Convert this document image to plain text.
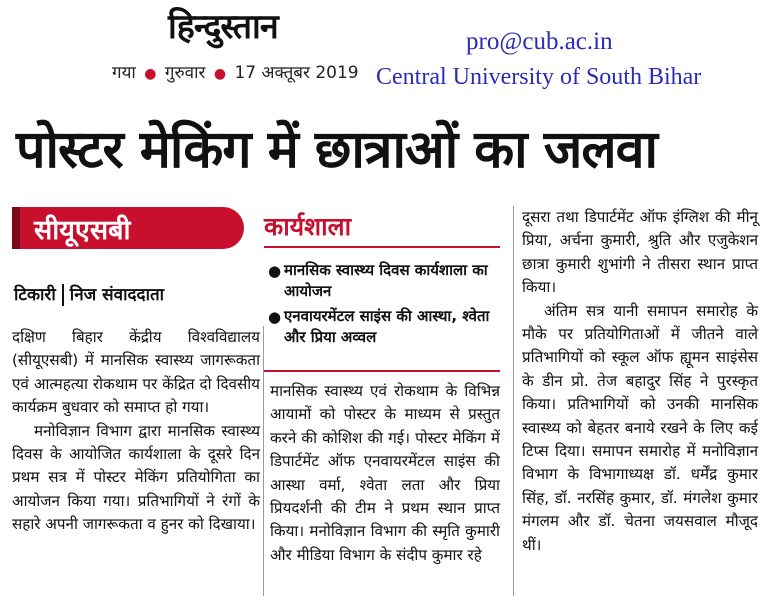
हिन्दुस्तान
गया ● गुरुवार ● 17 अक्तूबर 2019
pro@cub.ac.in
Central University of South Bihar
पोस्टर मेकिंग में छात्राओं का जलवा
सीयूएसबी
टिकारी निज संवाददाता

दक्षिण बिहार केंद्रीय विश्वविद्यालय (सीयूएसबी) में मानसिक स्वास्थ्य जागरूकता एवं आत्महत्या रोकथाम पर केंद्रित दो दिवसीय कार्यक्रम बुधवार को समाप्त हो गया।

मनोविज्ञान विभाग द्वारा मानसिक स्वास्थ्य दिवस के आयोजित कार्यशाला के दूसरे दिन प्रथम सत्र में पोस्टर मेकिंग प्रतियोगिता का आयोजन किया गया। प्रतिभागियों ने रंगों के सहारे अपनी जागरूकता व हुनर को दिखाया।

कार्यशाला
● मानसिक स्वास्थ्य दिवस कार्यशाला का आयोजन
● एनवायरमेंटल साइंस की आस्था, श्वेता और प्रिया अव्वल

मानसिक स्वास्थ्य एवं रोकथाम के विभिन्न आयामों को पोस्टर के माध्यम से प्रस्तुत करने की कोशिश की गई। पोस्टर मेकिंग में डिपार्टमेंट ऑफ एनवायरमेंटल साइंस की आस्था वर्मा, श्वेता लता और प्रिया प्रियदर्शनी की टीम ने प्रथम स्थान प्राप्त किया। मनोविज्ञान विभाग की स्मृति कुमारी और मीडिया विभाग के संदीप कुमार रहे

दूसरा तथा डिपार्टमेंट ऑफ इंग्लिश की मीनू प्रिया, अर्चना कुमारी, श्रुति और एजुकेशन छात्रा कुमारी शुभांगी ने तीसरा स्थान प्राप्त किया।

अंतिम सत्र यानी समापन समारोह के मौके पर प्रतियोगिताओं में जीतने वाले प्रतिभागियों को स्कूल ऑफ ह्यूमन साइंसेस के डीन प्रो. तेज बहादुर सिंह ने पुरस्कृत किया। प्रतिभागियों को उनकी मानसिक स्वास्थ्य को बेहतर बनाये रखने के लिए कई टिप्स दिया। समापन समारोह में मनोविज्ञान विभाग के विभागाध्यक्ष डॉ. धर्मेंद्र कुमार सिंह, डॉ. नरसिंह कुमार, डॉ. मंगलेश कुमार मंगलम और डॉ. चेतना जयसवाल मौजूद थीं।
